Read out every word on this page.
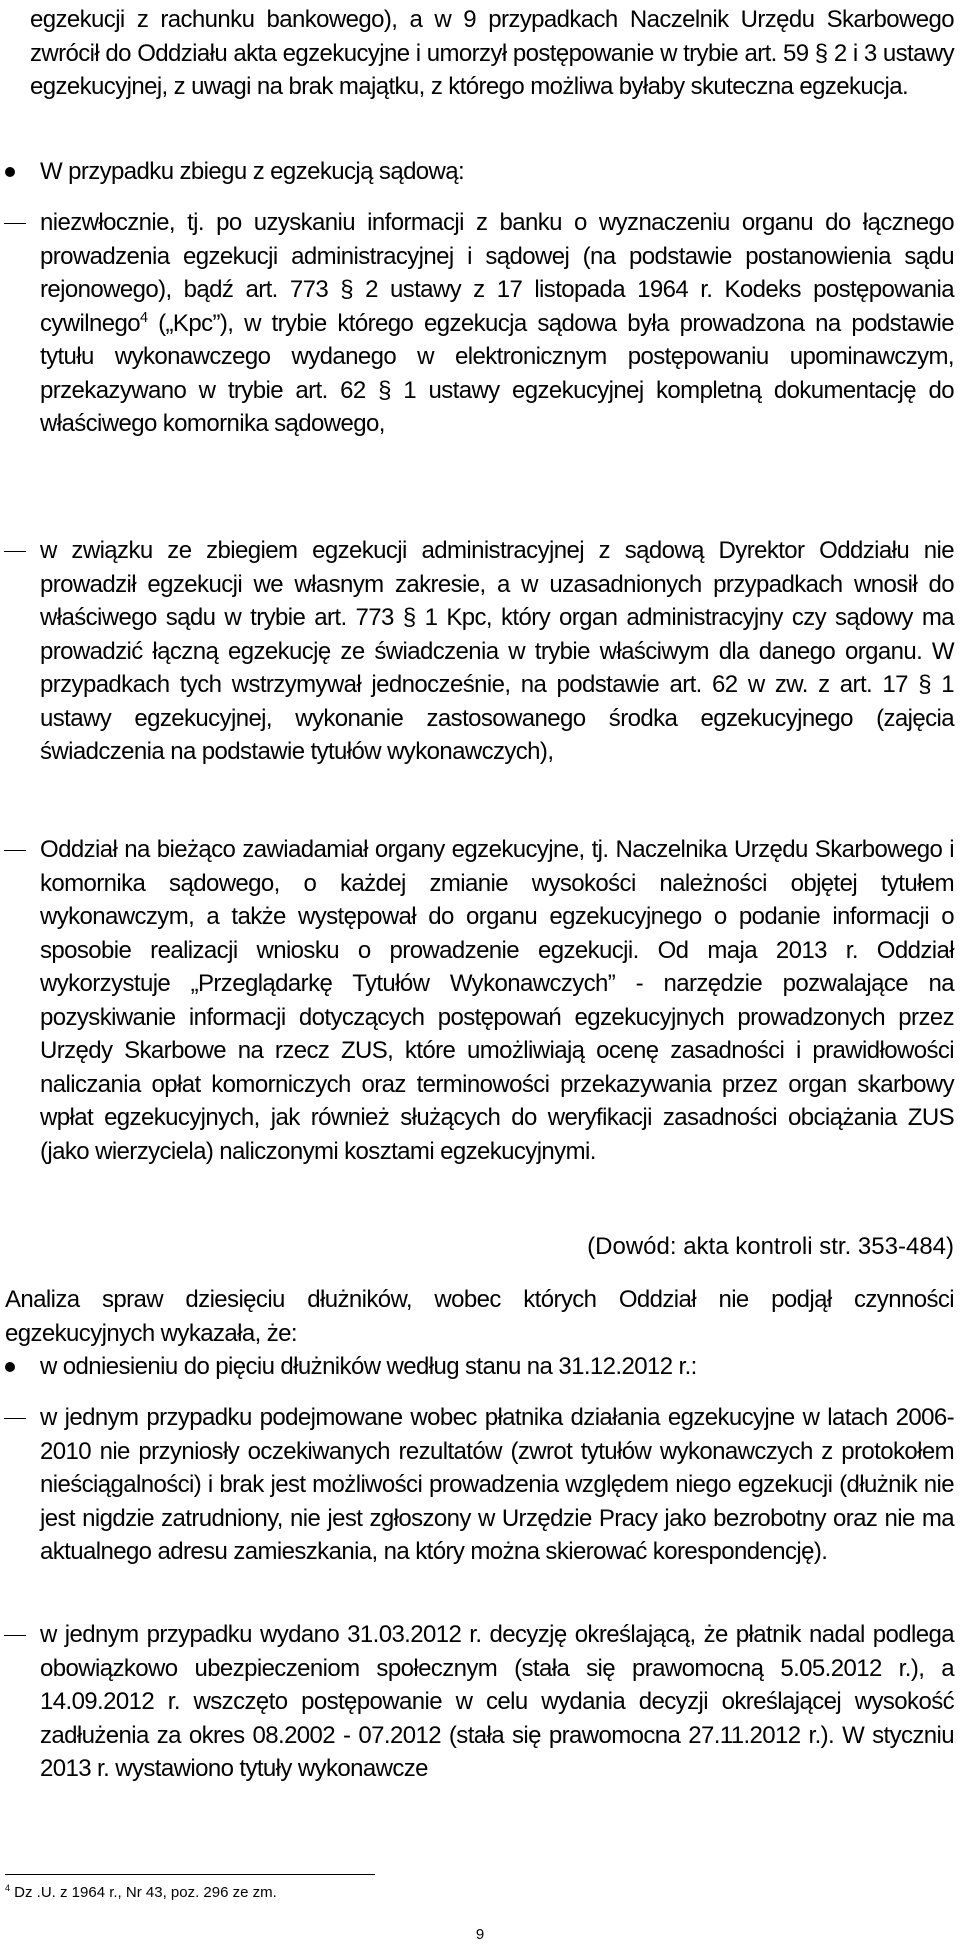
egzekucji z rachunku bankowego), a w 9 przypadkach Naczelnik Urzędu Skarbowego zwrócił do Oddziału akta egzekucyjne i umorzył postępowanie w trybie art. 59 § 2 i 3 ustawy egzekucyjnej, z uwagi na brak majątku, z którego możliwa byłaby skuteczna egzekucja.
W przypadku zbiegu z egzekucją sądową:
niezwłocznie, tj. po uzyskaniu informacji z banku o wyznaczeniu organu do łącznego prowadzenia egzekucji administracyjnej i sądowej (na podstawie postanowienia sądu rejonowego), bądź art. 773 § 2 ustawy z 17 listopada 1964 r. Kodeks postępowania cywilnego$^4$ („Kpc”), w trybie którego egzekucja sądowa była prowadzona na podstawie tytułu wykonawczego wydanego w elektronicznym postępowaniu upominawczym, przekazywano w trybie art. 62 § 1 ustawy egzekucyjnej kompletną dokumentację do właściwego komornika sądowego,
w związku ze zbiegiem egzekucji administracyjnej z sądową Dyrektor Oddziału nie prowadził egzekucji we własnym zakresie, a w uzasadnionych przypadkach wnosił do właściwego sądu w trybie art. 773 § 1 Kpc, który organ administracyjny czy sądowy ma prowadzić łączną egzekucję ze świadczenia w trybie właściwym dla danego organu. W przypadkach tych wstrzymywał jednocześnie, na podstawie art. 62 w zw. z art. 17 § 1 ustawy egzekucyjnej, wykonanie zastosowanego środka egzekucyjnego (zajęcia świadczenia na podstawie tytułów wykonawczych),
Oddział na bieżąco zawiadamiał organy egzekucyjne, tj. Naczelnika Urzędu Skarbowego i komornika sądowego, o każdej zmianie wysokości należności objętej tytułem wykonawczym, a także występował do organu egzekucyjnego o podanie informacji o sposobie realizacji wniosku o prowadzenie egzekucji. Od maja 2013 r. Oddział wykorzystuje „Przeglądarkę Tytułów Wykonawczych” - narzędzie pozwalające na pozyskiwanie informacji dotyczących postępowań egzekucyjnych prowadzonych przez Urzędy Skarbowe na rzecz ZUS, które umożliwiają ocenę zasadności i prawidłowości naliczania opłat komorniczych oraz terminowości przekazywania przez organ skarbowy wpłat egzekucyjnych, jak również służących do weryfikacji zasadności obciążania ZUS (jako wierzyciela) naliczonymi kosztami egzekucyjnymi.
(Dowód: akta kontroli str. 353-484)
Analiza spraw dziesięciu dłużników, wobec których Oddział nie podjął czynności egzekucyjnych wykazała, że:
w odniesieniu do pięciu dłużników według stanu na 31.12.2012 r.:
w jednym przypadku podejmowane wobec płatnika działania egzekucyjne w latach 2006-2010 nie przyniosły oczekiwanych rezultatów (zwrot tytułów wykonawczych z protokołem nieściągalności) i brak jest możliwości prowadzenia względem niego egzekucji (dłużnik nie jest nigdzie zatrudniony, nie jest zgłoszony w Urzędzie Pracy jako bezrobotny oraz nie ma aktualnego adresu zamieszkania, na który można skierować korespondencję).
w jednym przypadku wydano 31.03.2012 r. decyzję określającą, że płatnik nadal podlega obowiązkowo ubezpieczeniom społecznym (stała się prawomocną 5.05.2012 r.), a 14.09.2012 r. wszczęto postępowanie w celu wydania decyzji określającej wysokość zadłużenia za okres 08.2002 - 07.2012 (stała się prawomocna 27.11.2012 r.). W styczniu 2013 r. wystawiono tytuły wykonawcze
$^4$ Dz .U. z 1964 r., Nr 43, poz. 296 ze zm.
9
